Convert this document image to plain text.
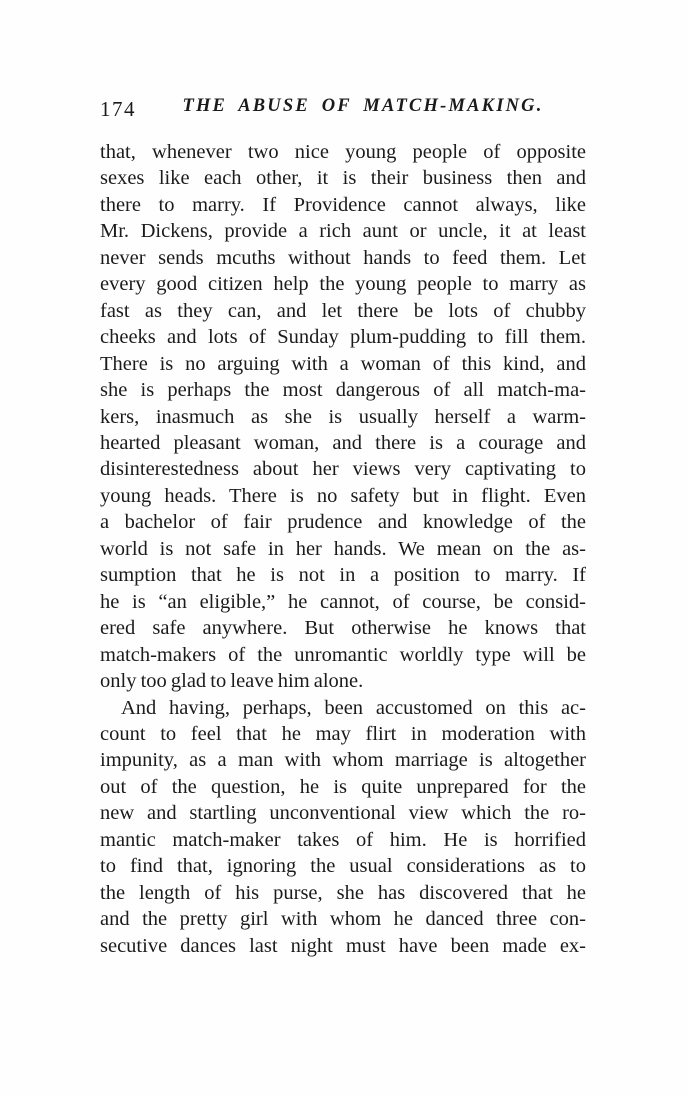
174	THE ABUSE OF MATCH-MAKING.
that, whenever two nice young people of opposite
sexes like each other, it is their business then and
there to marry. If Providence cannot always, like
Mr. Dickens, provide a rich aunt or uncle, it at least
never sends mcuths without hands to feed them. Let
every good citizen help the young people to marry as
fast as they can, and let there be lots of chubby
cheeks and lots of Sunday plum-pudding to fill them.
There is no arguing with a woman of this kind, and
she is perhaps the most dangerous of all match-ma-
kers, inasmuch as she is usually herself a warm-
hearted pleasant woman, and there is a courage and
disinterestedness about her views very captivating to
young heads. There is no safety but in flight. Even
a bachelor of fair prudence and knowledge of the
world is not safe in her hands. We mean on the as-
sumption that he is not in a position to marry. If
he is “an eligible,” he cannot, of course, be consid-
ered safe anywhere. But otherwise he knows that
match-makers of the unromantic worldly type will be
only too glad to leave him alone.
And having, perhaps, been accustomed on this ac-
count to feel that he may flirt in moderation with
impunity, as a man with whom marriage is altogether
out of the question, he is quite unprepared for the
new and startling unconventional view which the ro-
mantic match-maker takes of him. He is horrified
to find that, ignoring the usual considerations as to
the length of his purse, she has discovered that he
and the pretty girl with whom he danced three con-
secutive dances last night must have been made ex-
